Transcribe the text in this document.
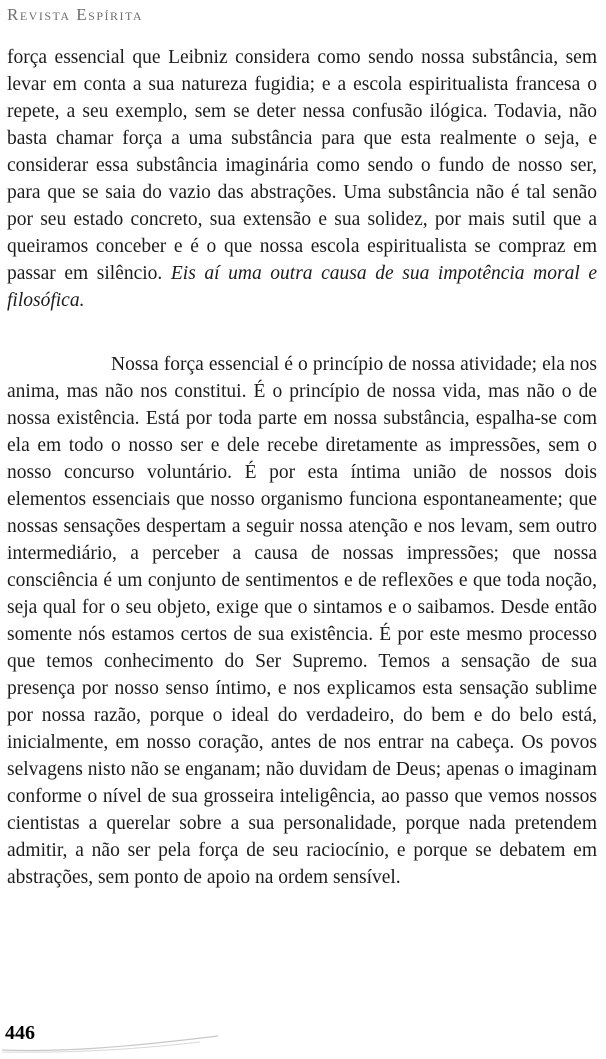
Revista Espírita
força essencial que Leibniz considera como sendo nossa substância, sem levar em conta a sua natureza fugidia; e a escola espiritualista francesa o repete, a seu exemplo, sem se deter nessa confusão ilógica. Todavia, não basta chamar força a uma substância para que esta realmente o seja, e considerar essa substância imaginária como sendo o fundo de nosso ser, para que se saia do vazio das abstrações. Uma substância não é tal senão por seu estado concreto, sua extensão e sua solidez, por mais sutil que a queiramos conceber e é o que nossa escola espiritualista se compraz em passar em silêncio. Eis aí uma outra causa de sua impotência moral e filosófica.
Nossa força essencial é o princípio de nossa atividade; ela nos anima, mas não nos constitui. É o princípio de nossa vida, mas não o de nossa existência. Está por toda parte em nossa substância, espalha-se com ela em todo o nosso ser e dele recebe diretamente as impressões, sem o nosso concurso voluntário. É por esta íntima união de nossos dois elementos essenciais que nosso organismo funciona espontaneamente; que nossas sensações despertam a seguir nossa atenção e nos levam, sem outro intermediário, a perceber a causa de nossas impressões; que nossa consciência é um conjunto de sentimentos e de reflexões e que toda noção, seja qual for o seu objeto, exige que o sintamos e o saibamos. Desde então somente nós estamos certos de sua existência. É por este mesmo processo que temos conhecimento do Ser Supremo. Temos a sensação de sua presença por nosso senso íntimo, e nos explicamos esta sensação sublime por nossa razão, porque o ideal do verdadeiro, do bem e do belo está, inicialmente, em nosso coração, antes de nos entrar na cabeça. Os povos selvagens nisto não se enganam; não duvidam de Deus; apenas o imaginam conforme o nível de sua grosseira inteligência, ao passo que vemos nossos cientistas a querelar sobre a sua personalidade, porque nada pretendem admitir, a não ser pela força de seu raciocínio, e porque se debatem em abstrações, sem ponto de apoio na ordem sensível.
446
